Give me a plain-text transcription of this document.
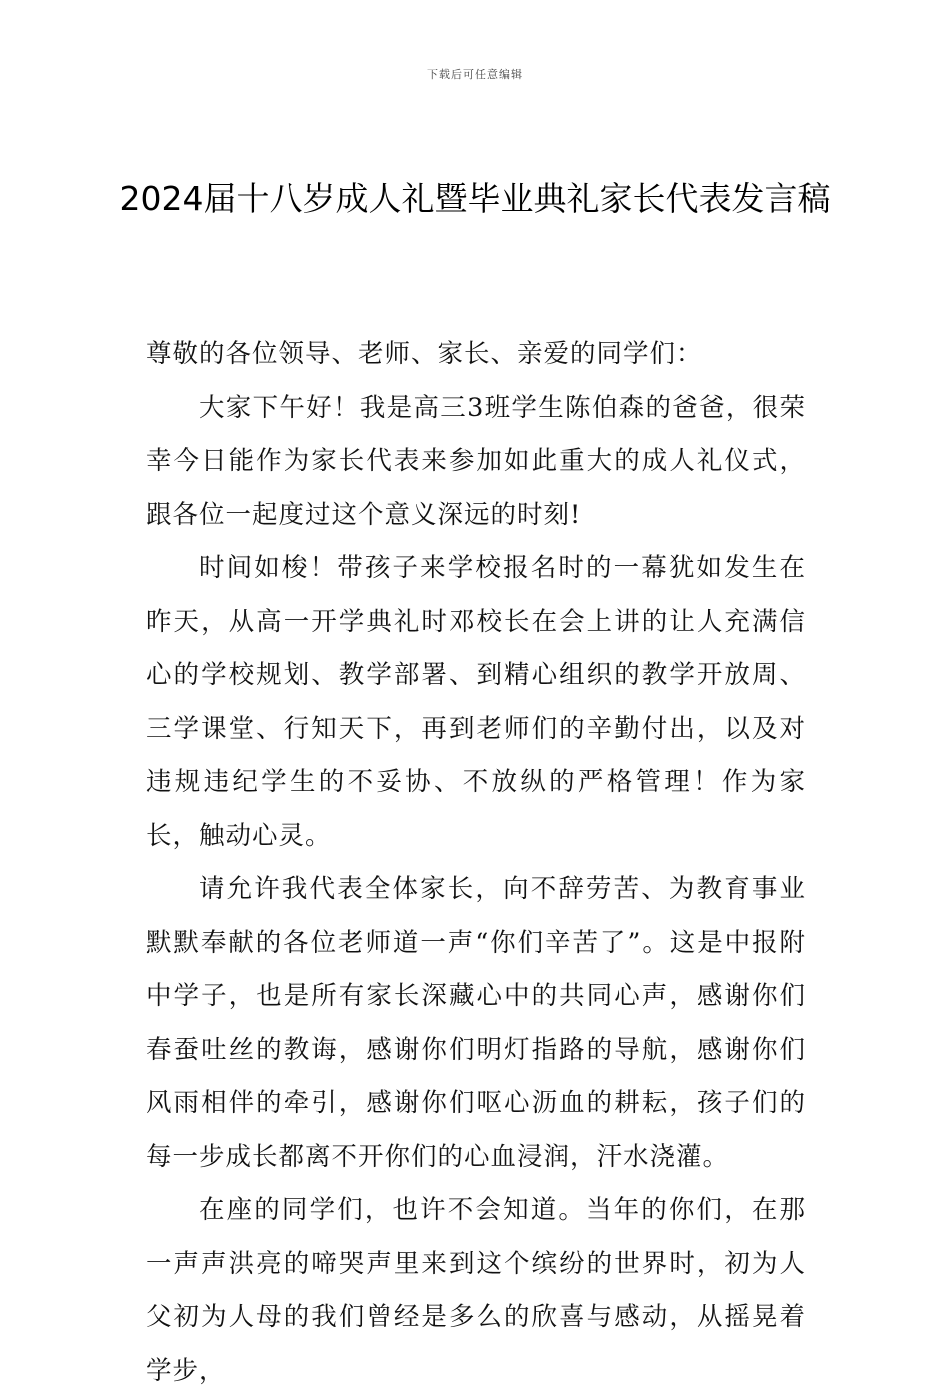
下载后可任意编辑
2024届十八岁成人礼暨毕业典礼家长代表发言稿

尊敬的各位领导、老师、家长、亲爱的同学们：

大家下午好！我是高三3班学生陈伯森的爸爸，很荣幸今日能作为家长代表来参加如此重大的成人礼仪式，跟各位一起度过这个意义深远的时刻!

时间如梭！带孩子来学校报名时的一幕犹如发生在昨天，从高一开学典礼时邓校长在会上讲的让人充满信心的学校规划、教学部署、到精心组织的教学开放周、三学课堂、行知天下，再到老师们的辛勤付出，以及对违规违纪学生的不妥协、不放纵的严格管理！作为家长，触动心灵。

请允许我代表全体家长，向不辞劳苦、为教育事业默默奉献的各位老师道一声“你们辛苦了”。这是中报附中学子，也是所有家长深藏心中的共同心声，感谢你们春蚕吐丝的教诲，感谢你们明灯指路的导航，感谢你们风雨相伴的牵引，感谢你们呕心沥血的耕耘，孩子们的每一步成长都离不开你们的心血浸润，汗水浇灌。

在座的同学们，也许不会知道。当年的你们，在那一声声洪亮的啼哭声里来到这个缤纷的世界时，初为人父初为人母的我们曾经是多么的欣喜与感动，从摇晃着学步，
